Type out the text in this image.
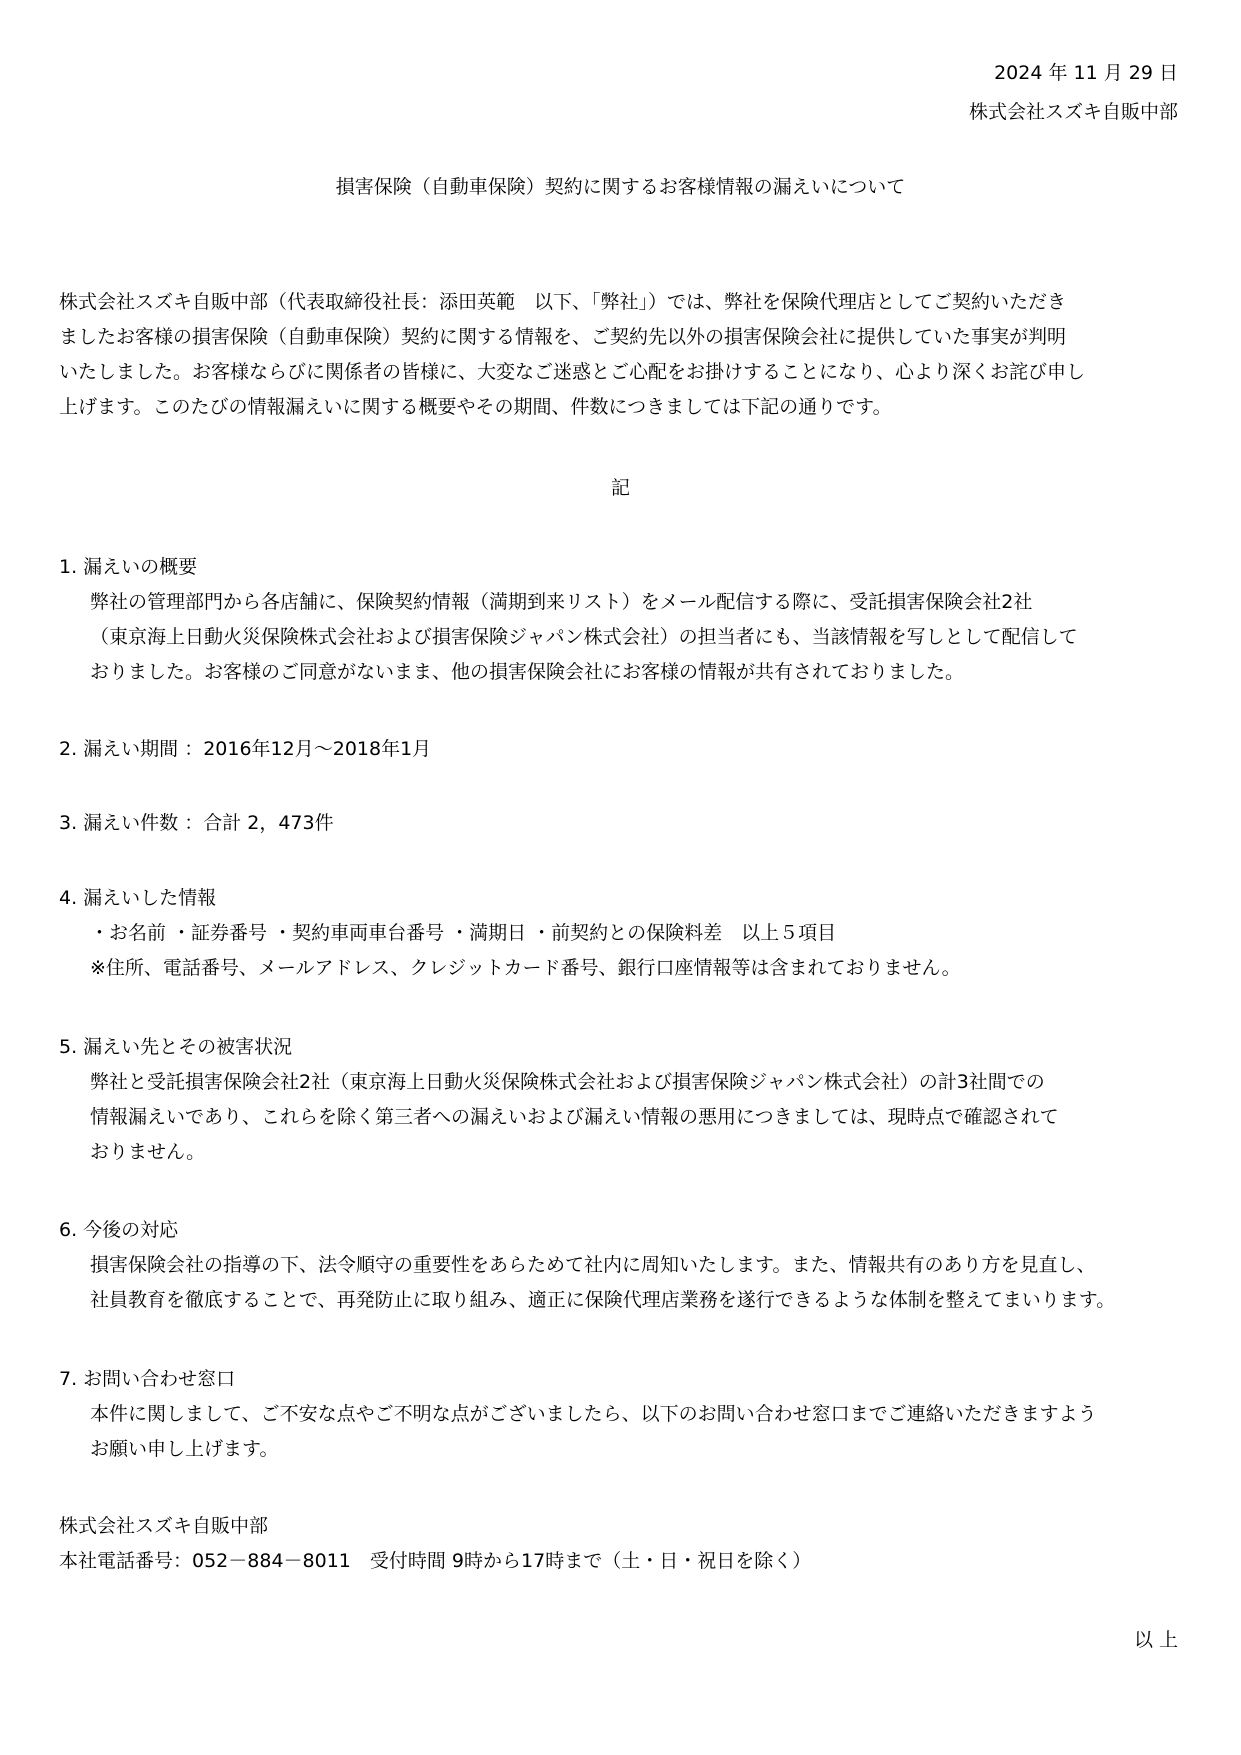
2024 年 11 月 29 日

株式会社スズキ自販中部

損害保険（自動車保険）契約に関するお客様情報の漏えいについて

株式会社スズキ自販中部（代表取締役社長：添田英範　以下、「弊社」）では、弊社を保険代理店としてご契約いただき

ましたお客様の損害保険（自動車保険）契約に関する情報を、ご契約先以外の損害保険会社に提供していた事実が判明

いたしました。お客様ならびに関係者の皆様に、大変なご迷惑とご心配をお掛けすることになり、心より深くお詫び申し

上げます。このたびの情報漏えいに関する概要やその期間、件数につきましては下記の通りです。

記

1. 漏えいの概要

弊社の管理部門から各店舗に、保険契約情報（満期到来リスト）をメール配信する際に、受託損害保険会社2社

（東京海上日動火災保険株式会社および損害保険ジャパン株式会社）の担当者にも、当該情報を写しとして配信して

おりました。お客様のご同意がないまま、他の損害保険会社にお客様の情報が共有されておりました。

2. 漏えい期間 ：2016年12月～2018年1月

3. 漏えい件数 ：合計 2，473件

4. 漏えいした情報

・お名前 ・証券番号 ・契約車両車台番号 ・満期日 ・前契約との保険料差　以上５項目

※住所、電話番号、メールアドレス、クレジットカード番号、銀行口座情報等は含まれておりません。

5. 漏えい先とその被害状況

弊社と受託損害保険会社2社（東京海上日動火災保険株式会社および損害保険ジャパン株式会社）の計3社間での

情報漏えいであり、これらを除く第三者への漏えいおよび漏えい情報の悪用につきましては、現時点で確認されて

おりません。

6. 今後の対応

損害保険会社の指導の下、法令順守の重要性をあらためて社内に周知いたします。また、情報共有のあり方を見直し、

社員教育を徹底することで、再発防止に取り組み、適正に保険代理店業務を遂行できるような体制を整えてまいります。

7. お問い合わせ窓口

本件に関しまして、ご不安な点やご不明な点がございましたら、以下のお問い合わせ窓口までご連絡いただきますよう

お願い申し上げます。

株式会社スズキ自販中部

本社電話番号：052－884－8011　受付時間 9時から17時まで（土・日・祝日を除く）

以 上
